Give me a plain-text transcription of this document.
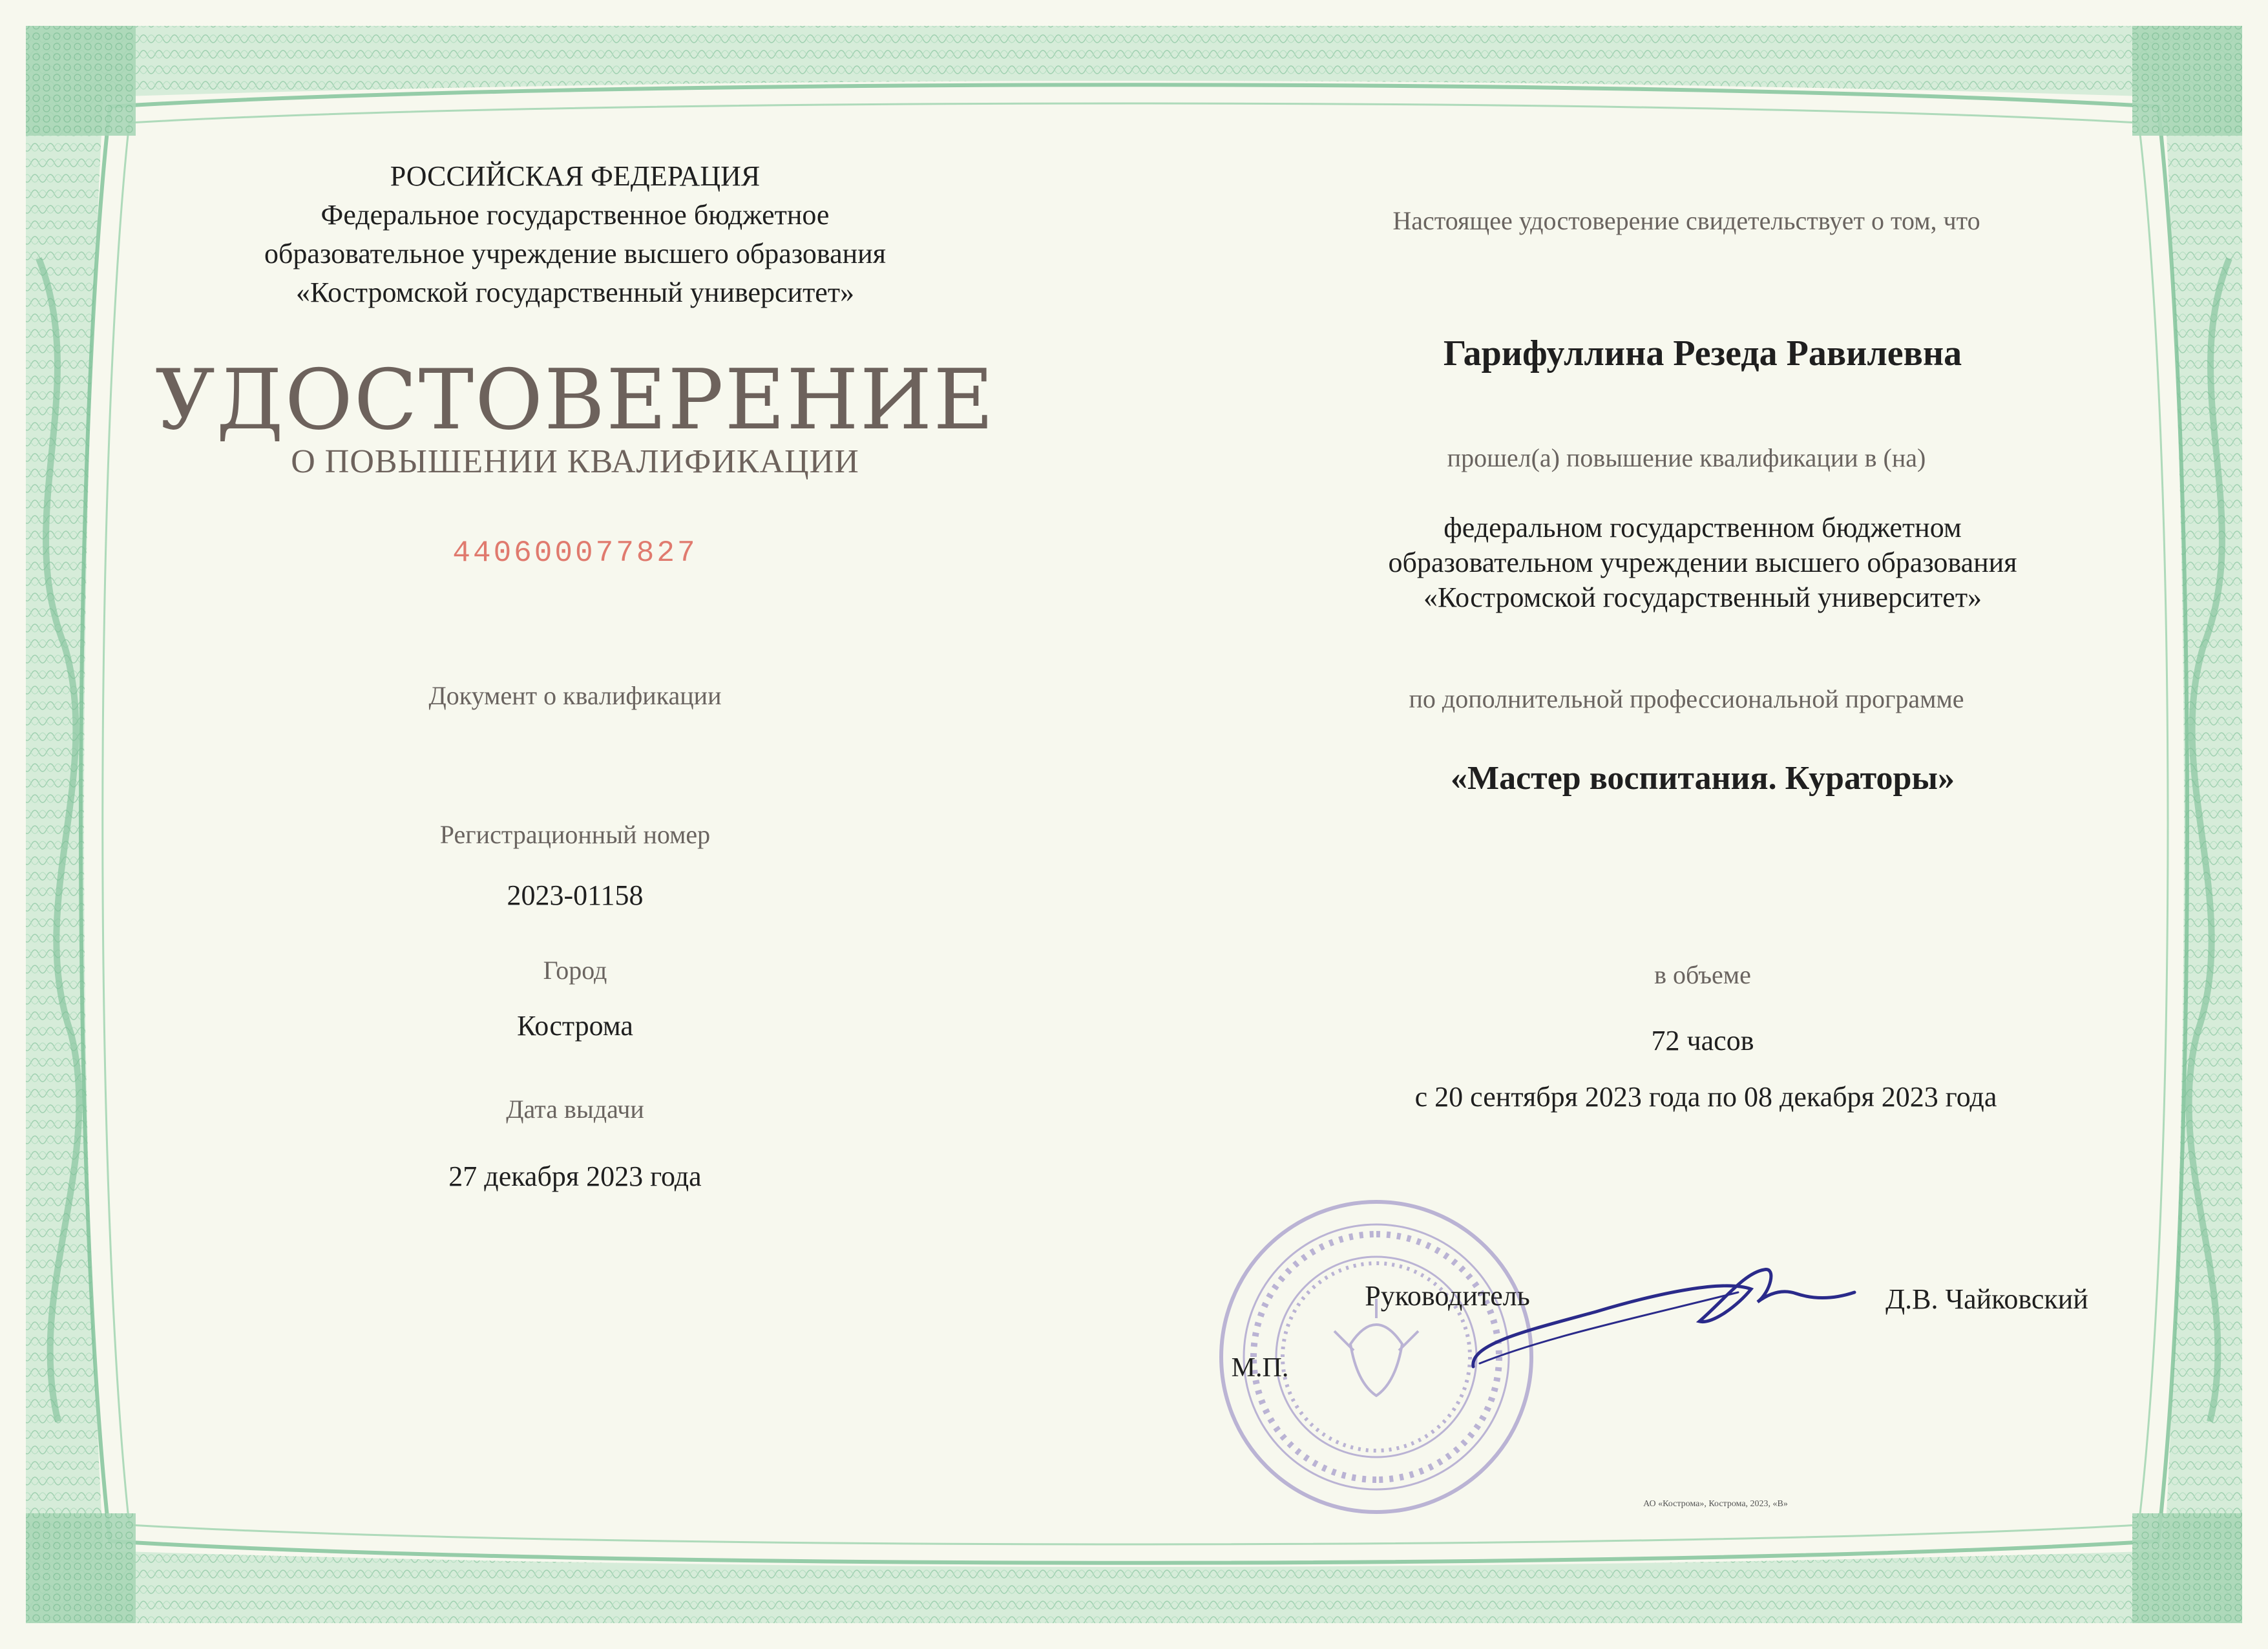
РОССИЙСКАЯ ФЕДЕРАЦИЯ
Федеральное государственное бюджетное
образовательное учреждение высшего образования
«Костромской государственный университет»
УДОСТОВЕРЕНИЕ
О ПОВЫШЕНИИ КВАЛИФИКАЦИИ
440600077827
Документ о квалификации
Регистрационный номер
2023-01158
Город
Кострома
Дата выдачи
27 декабря 2023 года
Настоящее удостоверение свидетельствует о том, что
Гарифуллина Резеда Равилевна
прошел(а) повышение квалификации в (на)
федеральном государственном бюджетном
образовательном учреждении высшего образования
«Костромской государственный университет»
по дополнительной профессиональной программе
«Мастер воспитания. Кураторы»
в объеме
72 часов
с 20 сентября 2023 года по 08 декабря 2023 года
Руководитель	Д.В. Чайковский
М.П.
АО «Кострома», Кострома, 2023, «В»
